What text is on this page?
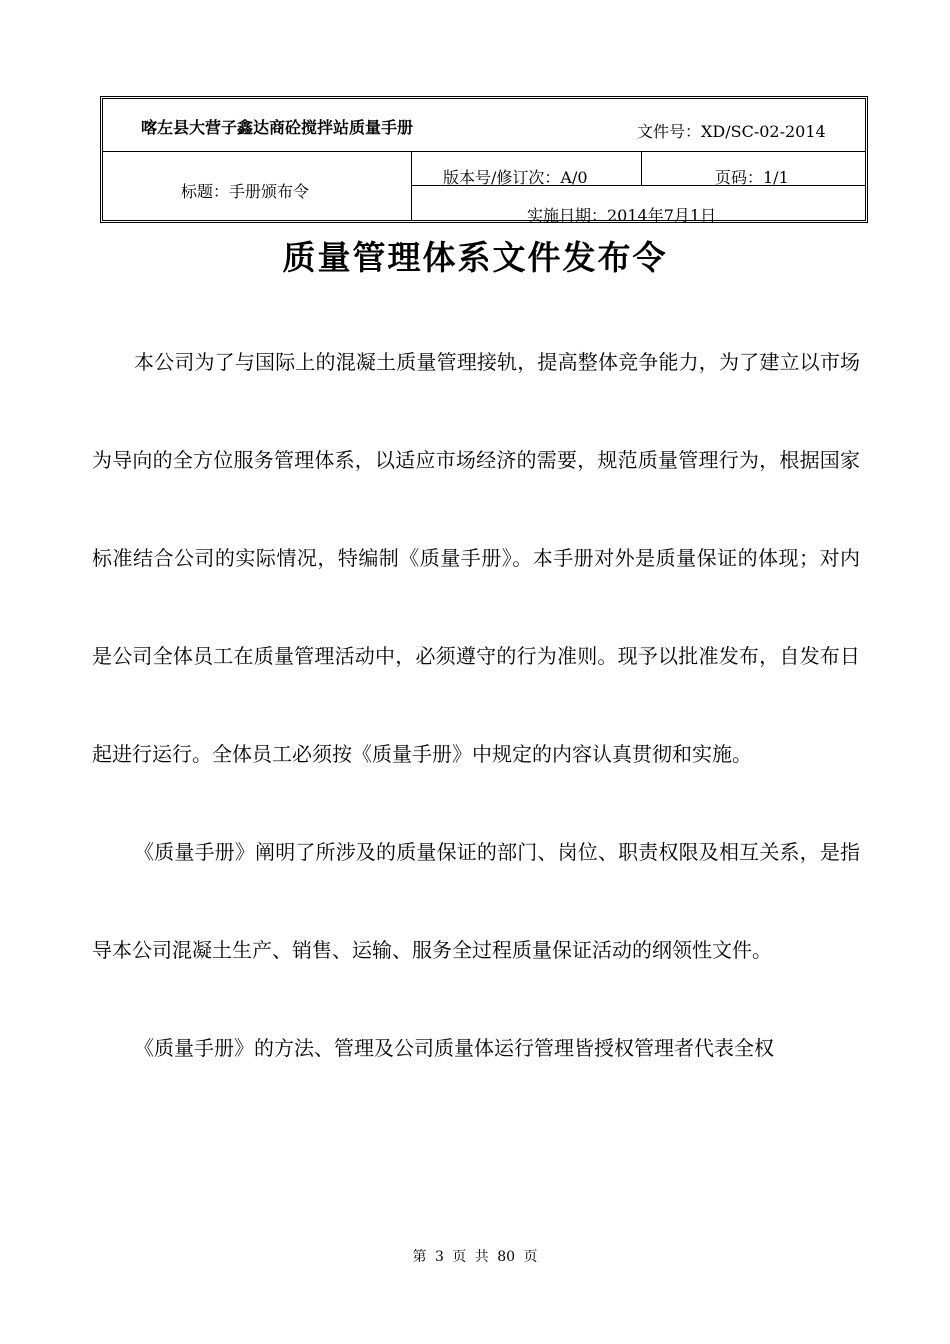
喀左县大营子鑫达商砼搅拌站质量手册	文件号：XD/SC-02-2014
标题：手册颁布令
版本号/修订次：A/0	页码：1/1
实施日期：2014年7月1日
质量管理体系文件发布令

本公司为了与国际上的混凝土质量管理接轨，提高整体竞争能力，为了建立以市场为导向的全方位服务管理体系，以适应市场经济的需要，规范质量管理行为，根据国家标准结合公司的实际情况，特编制《质量手册》。本手册对外是质量保证的体现；对内是公司全体员工在质量管理活动中，必须遵守的行为准则。现予以批准发布，自发布日起进行运行。全体员工必须按《质量手册》中规定的内容认真贯彻和实施。

《质量手册》阐明了所涉及的质量保证的部门、岗位、职责权限及相互关系，是指导本公司混凝土生产、销售、运输、服务全过程质量保证活动的纲领性文件。

《质量手册》的方法、管理及公司质量体运行管理皆授权管理者代表全权

第 3 页 共 80 页
